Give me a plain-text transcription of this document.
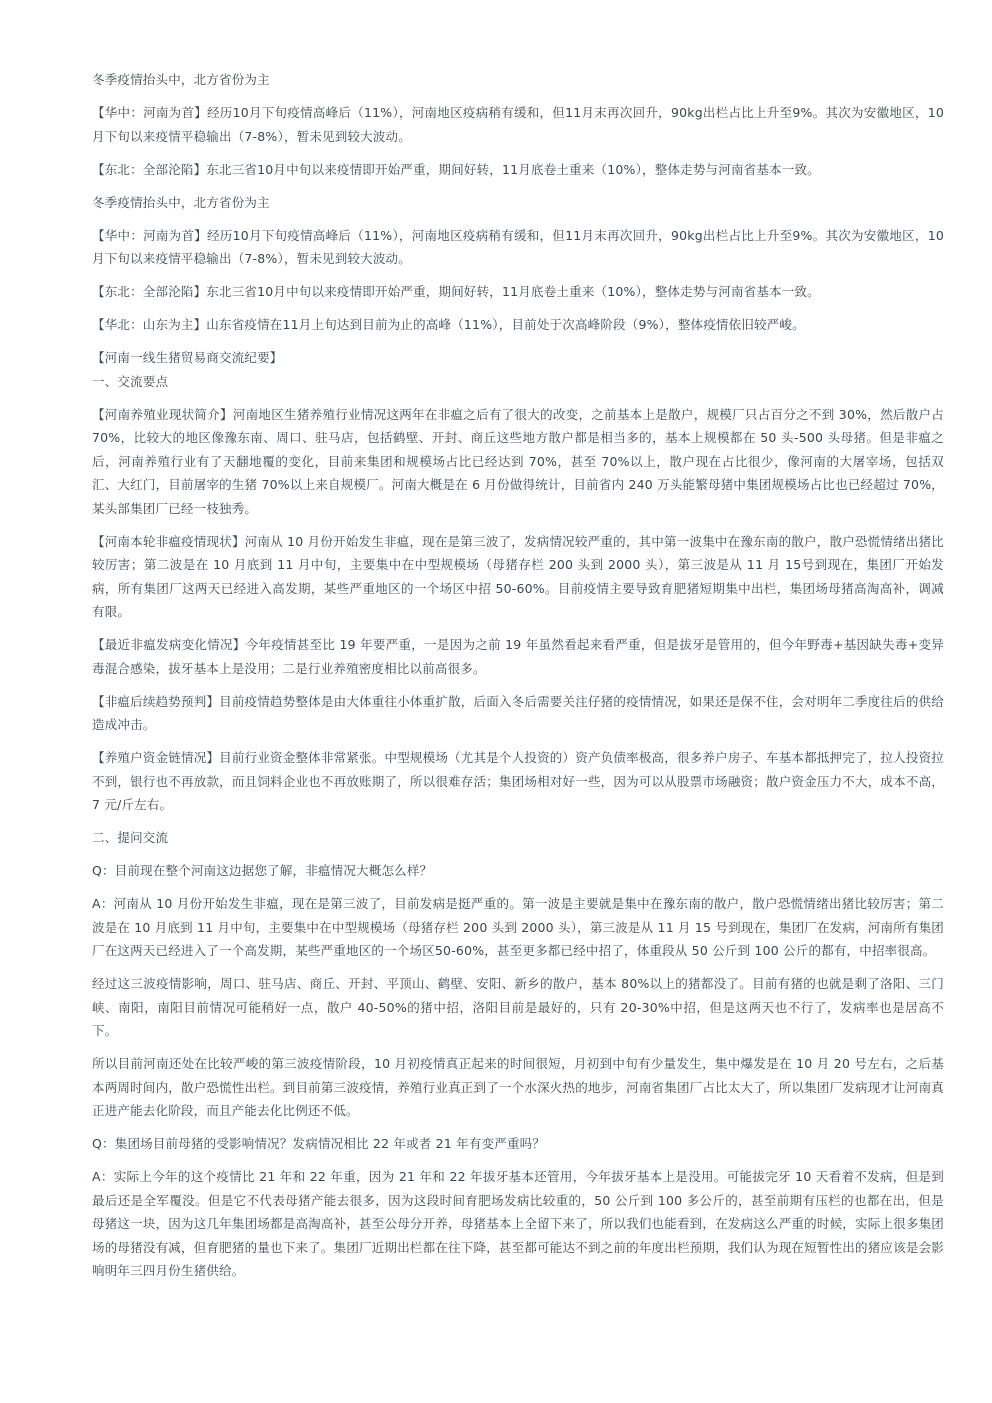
冬季疫情抬头中，北方省份为主

【华中：河南为首】经历10月下旬疫情高峰后（11%），河南地区疫病稍有缓和，但11月末再次回升，90kg出栏占比上升至9%。其次为安徽地区，10月下旬以来疫情平稳输出（7-8%），暂未见到较大波动。

【东北：全部沦陷】东北三省10月中旬以来疫情即开始严重，期间好转，11月底卷土重来（10%），整体走势与河南省基本一致。

冬季疫情抬头中，北方省份为主

【华中：河南为首】经历10月下旬疫情高峰后（11%），河南地区疫病稍有缓和，但11月末再次回升，90kg出栏占比上升至9%。其次为安徽地区，10月下旬以来疫情平稳输出（7-8%），暂未见到较大波动。

【东北：全部沦陷】东北三省10月中旬以来疫情即开始严重，期间好转，11月底卷土重来（10%），整体走势与河南省基本一致。

【华北：山东为主】山东省疫情在11月上旬达到目前为止的高峰（11%），目前处于次高峰阶段（9%），整体疫情依旧较严峻。

【河南一线生猪贸易商交流纪要】

一、交流要点

【河南养殖业现状简介】河南地区生猪养殖行业情况这两年在非瘟之后有了很大的改变，之前基本上是散户，规模厂只占百分之不到 30%，然后散户占 70%，比较大的地区像豫东南、周口、驻马店，包括鹤壁、开封、商丘这些地方散户都是相当多的，基本上规模都在 50 头-500 头母猪。但是非瘟之后，河南养殖行业有了天翻地覆的变化，目前来集团和规模场占比已经达到 70%，甚至 70%以上，散户现在占比很少，像河南的大屠宰场，包括双汇、大红门，目前屠宰的生猪 70%以上来自规模厂。河南大概是在 6 月份做得统计，目前省内 240 万头能繁母猪中集团规模场占比也已经超过 70%，某头部集团厂已经一枝独秀。

【河南本轮非瘟疫情现状】河南从 10 月份开始发生非瘟，现在是第三波了，发病情况较严重的，其中第一波集中在豫东南的散户，散户恐慌情绪出猪比较厉害；第二波是在 10 月底到 11 月中旬，主要集中在中型规模场（母猪存栏 200 头到 2000 头），第三波是从 11 月 15号到现在，集团厂开始发病，所有集团厂这两天已经进入高发期，某些严重地区的一个场区中招 50-60%。目前疫情主要导致育肥猪短期集中出栏，集团场母猪高淘高补，调减有限。

【最近非瘟发病变化情况】今年疫情甚至比 19 年要严重，一是因为之前 19 年虽然看起来看严重，但是拔牙是管用的，但今年野毒+基因缺失毒+变异毒混合感染，拔牙基本上是没用；二是行业养殖密度相比以前高很多。

【非瘟后续趋势预判】目前疫情趋势整体是由大体重往小体重扩散，后面入冬后需要关注仔猪的疫情情况，如果还是保不住，会对明年二季度往后的供给造成冲击。

【养殖户资金链情况】目前行业资金整体非常紧张。中型规模场（尤其是个人投资的）资产负债率极高，很多养户房子、车基本都抵押完了，拉人投资拉不到，银行也不再放款，而且饲料企业也不再放账期了，所以很难存活；集团场相对好一些，因为可以从股票市场融资；散户资金压力不大，成本不高，7 元/斤左右。

二、提问交流

Q：目前现在整个河南这边据您了解，非瘟情况大概怎么样？

A：河南从 10 月份开始发生非瘟，现在是第三波了，目前发病是挺严重的。第一波是主要就是集中在豫东南的散户，散户恐慌情绪出猪比较厉害；第二波是在 10 月底到 11 月中旬，主要集中在中型规模场（母猪存栏 200 头到 2000 头），第三波是从 11 月 15 号到现在，集团厂在发病，河南所有集团厂在这两天已经进入了一个高发期，某些严重地区的一个场区50-60%，甚至更多都已经中招了，体重段从 50 公斤到 100 公斤的都有，中招率很高。

经过这三波疫情影响，周口、驻马店、商丘、开封、平顶山、鹤壁、安阳、新乡的散户，基本 80%以上的猪都没了。目前有猪的也就是剩了洛阳、三门峡、南阳，南阳目前情况可能稍好一点，散户 40-50%的猪中招，洛阳目前是最好的，只有 20-30%中招，但是这两天也不行了，发病率也是居高不下。

所以目前河南还处在比较严峻的第三波疫情阶段，10 月初疫情真正起来的时间很短，月初到中旬有少量发生，集中爆发是在 10 月 20 号左右，之后基本两周时间内，散户恐慌性出栏。到目前第三波疫情，养殖行业真正到了一个水深火热的地步，河南省集团厂占比太大了，所以集团厂发病现才让河南真正进产能去化阶段，而且产能去化比例还不低。

Q：集团场目前母猪的受影响情况？发病情况相比 22 年或者 21 年有变严重吗？

A：实际上今年的这个疫情比 21 年和 22 年重，因为 21 年和 22 年拔牙基本还管用，今年拔牙基本上是没用。可能拔完牙 10 天看着不发病，但是到最后还是全军覆没。但是它不代表母猪产能去很多，因为这段时间育肥场发病比较重的，50 公斤到 100 多公斤的，甚至前期有压栏的也都在出，但是母猪这一块，因为这几年集团场都是高淘高补，甚至公母分开养，母猪基本上全留下来了，所以我们也能看到，在发病这么严重的时候，实际上很多集团场的母猪没有减，但育肥猪的量也下来了。集团厂近期出栏都在往下降，甚至都可能达不到之前的年度出栏预期，我们认为现在短暂性出的猪应该是会影响明年三四月份生猪供给。
